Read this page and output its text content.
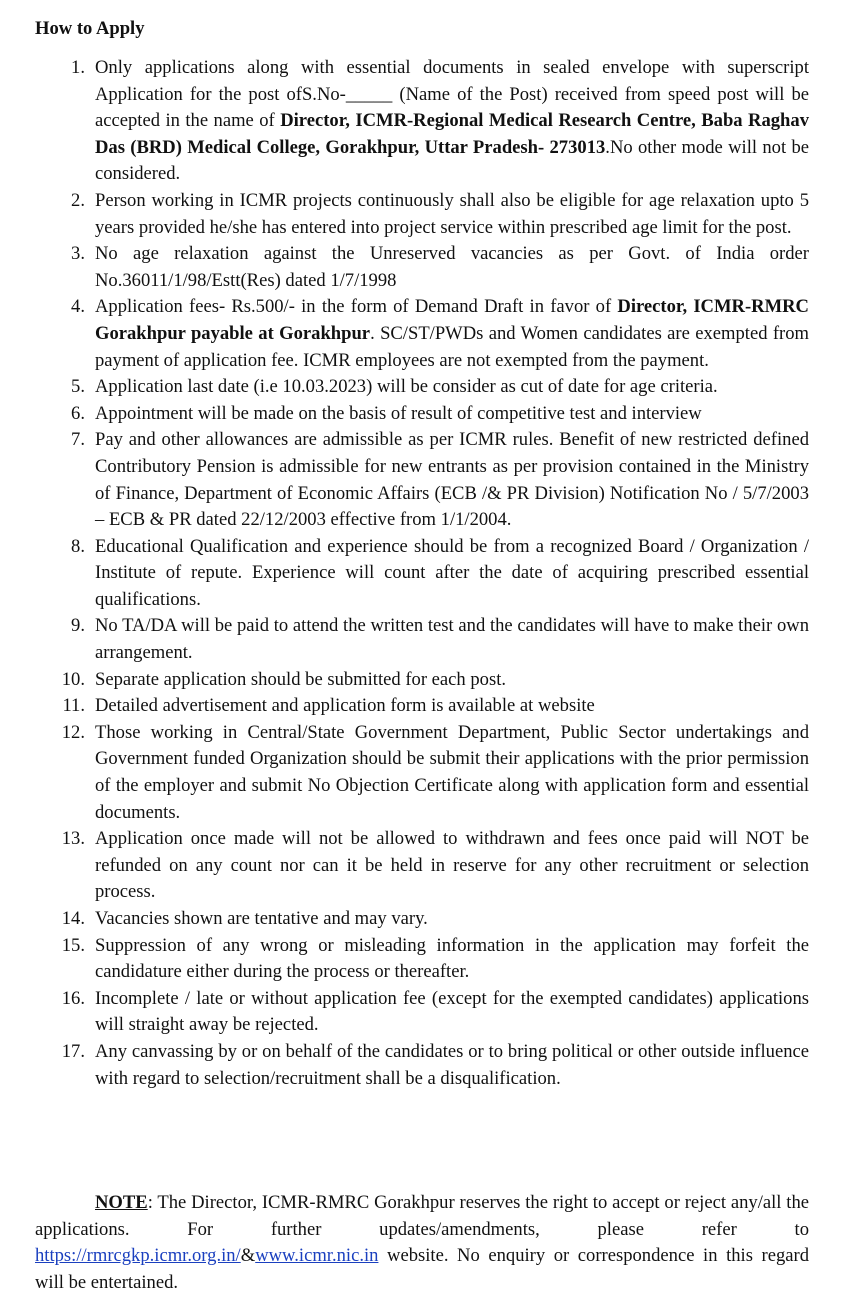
How to Apply
1. Only applications along with essential documents in sealed envelope with superscript Application for the post ofS.No-_____ (Name of the Post) received from speed post will be accepted in the name of Director, ICMR-Regional Medical Research Centre, Baba Raghav Das (BRD) Medical College, Gorakhpur, Uttar Pradesh- 273013.No other mode will not be considered.
2. Person working in ICMR projects continuously shall also be eligible for age relaxation upto 5 years provided he/she has entered into project service within prescribed age limit for the post.
3. No age relaxation against the Unreserved vacancies as per Govt. of India order No.36011/1/98/Estt(Res) dated 1/7/1998
4. Application fees- Rs.500/- in the form of Demand Draft in favor of Director, ICMR-RMRC Gorakhpur payable at Gorakhpur. SC/ST/PWDs and Women candidates are exempted from payment of application fee. ICMR employees are not exempted from the payment.
5. Application last date (i.e 10.03.2023) will be consider as cut of date for age criteria.
6. Appointment will be made on the basis of result of competitive test and interview
7. Pay and other allowances are admissible as per ICMR rules. Benefit of new restricted defined Contributory Pension is admissible for new entrants as per provision contained in the Ministry of Finance, Department of Economic Affairs (ECB /& PR Division) Notification No / 5/7/2003 – ECB & PR dated 22/12/2003 effective from 1/1/2004.
8. Educational Qualification and experience should be from a recognized Board / Organization / Institute of repute. Experience will count after the date of acquiring prescribed essential qualifications.
9. No TA/DA will be paid to attend the written test and the candidates will have to make their own arrangement.
10. Separate application should be submitted for each post.
11. Detailed advertisement and application form is available at website
12. Those working in Central/State Government Department, Public Sector undertakings and Government funded Organization should be submit their applications with the prior permission of the employer and submit No Objection Certificate along with application form and essential documents.
13. Application once made will not be allowed to withdrawn and fees once paid will NOT be refunded on any count nor can it be held in reserve for any other recruitment or selection process.
14. Vacancies shown are tentative and may vary.
15. Suppression of any wrong or misleading information in the application may forfeit the candidature either during the process or thereafter.
16. Incomplete / late or without application fee (except for the exempted candidates) applications will straight away be rejected.
17. Any canvassing by or on behalf of the candidates or to bring political or other outside influence with regard to selection/recruitment shall be a disqualification.

NOTE: The Director, ICMR-RMRC Gorakhpur reserves the right to accept or reject any/all the applications. For further updates/amendments, please refer to https://rmrcgkp.icmr.org.in/&www.icmr.nic.in website. No enquiry or correspondence in this regard will be entertained.
